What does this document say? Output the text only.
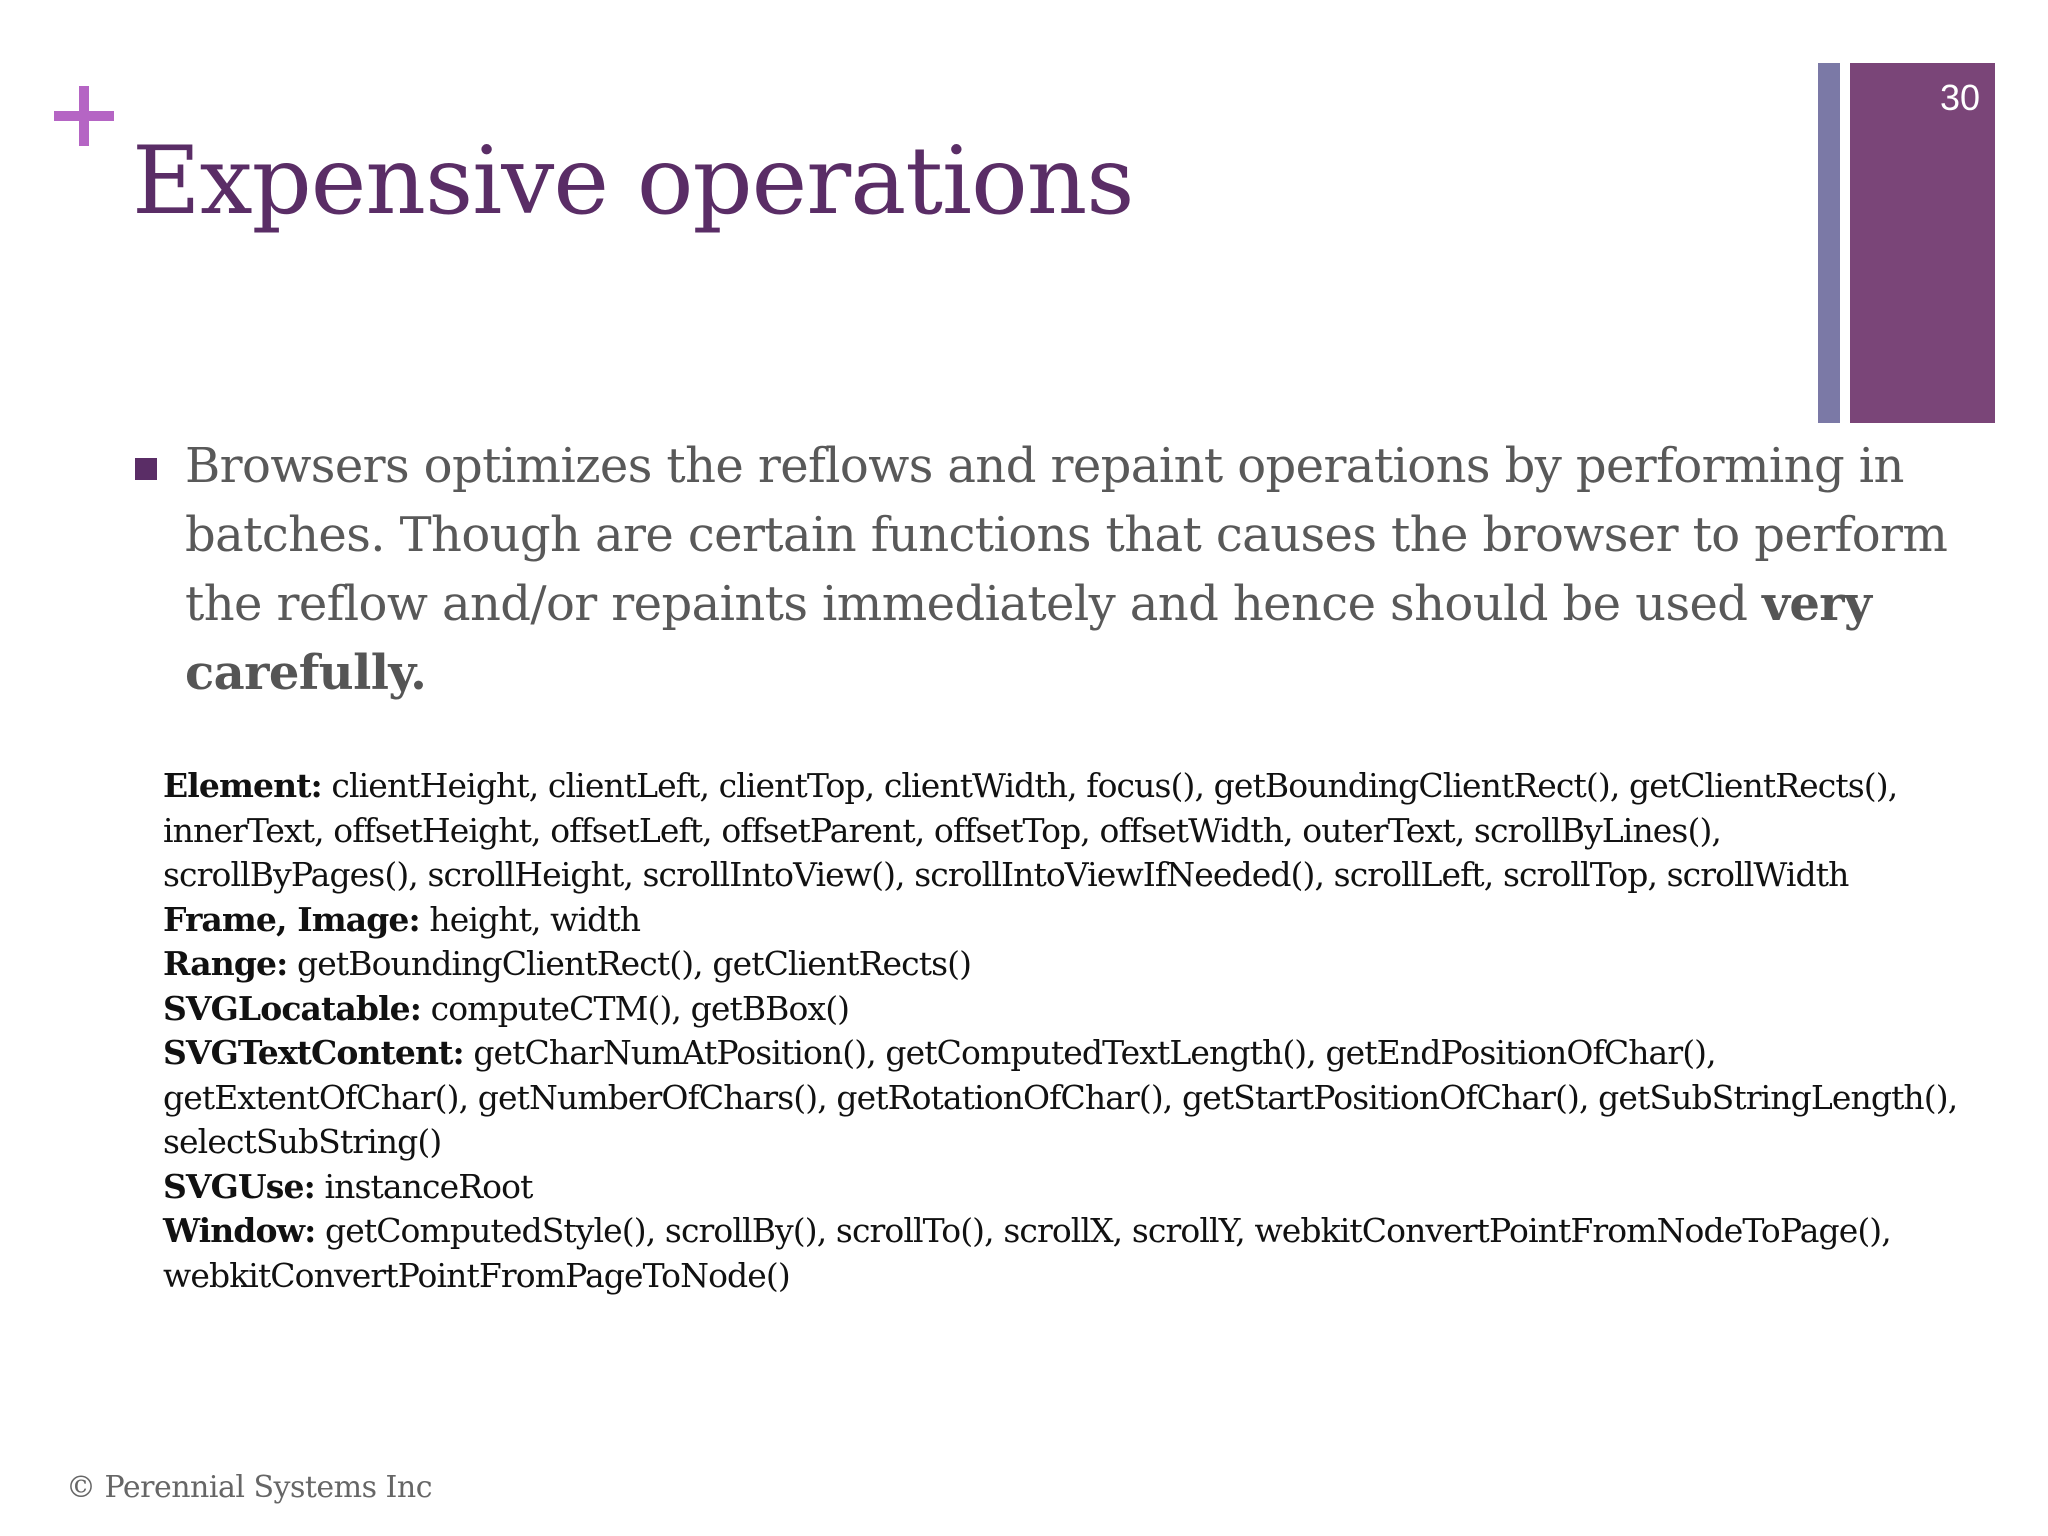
Expensive operations
30

Browsers optimizes the reflows and repaint operations by performing in batches. Though are certain functions that causes the browser to perform the reflow and/or repaints immediately and hence should be used very carefully.

Element: clientHeight, clientLeft, clientTop, clientWidth, focus(), getBoundingClientRect(), getClientRects(), innerText, offsetHeight, offsetLeft, offsetParent, offsetTop, offsetWidth, outerText, scrollByLines(), scrollByPages(), scrollHeight, scrollIntoView(), scrollIntoViewIfNeeded(), scrollLeft, scrollTop, scrollWidth

Frame, Image: height, width

Range: getBoundingClientRect(), getClientRects()

SVGLocatable: computeCTM(), getBBox()

SVGTextContent: getCharNumAtPosition(), getComputedTextLength(), getEndPositionOfChar(), getExtentOfChar(), getNumberOfChars(), getRotationOfChar(), getStartPositionOfChar(), getSubStringLength(), selectSubString()

SVGUse: instanceRoot

Window: getComputedStyle(), scrollBy(), scrollTo(), scrollX, scrollY, webkitConvertPointFromNodeToPage(), webkitConvertPointFromPageToNode()

© Perennial Systems Inc
